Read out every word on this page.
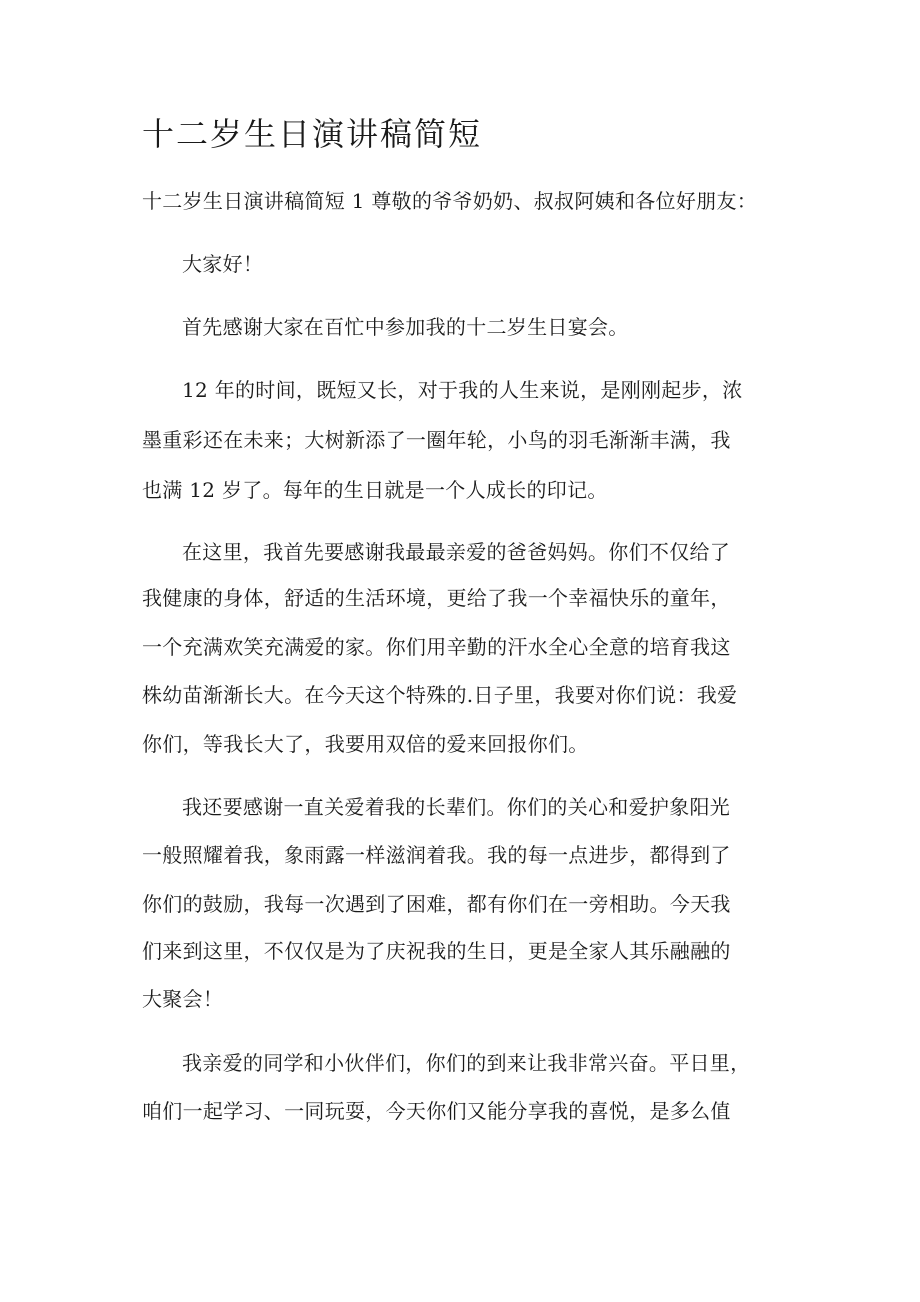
十二岁生日演讲稿简短

十二岁生日演讲稿简短 1 尊敬的爷爷奶奶、叔叔阿姨和各位好朋友：

大家好！

首先感谢大家在百忙中参加我的十二岁生日宴会。

12 年的时间，既短又长，对于我的人生来说，是刚刚起步，浓

墨重彩还在未来；大树新添了一圈年轮，小鸟的羽毛渐渐丰满，我

也满 12 岁了。每年的生日就是一个人成长的印记。

在这里，我首先要感谢我最最亲爱的爸爸妈妈。你们不仅给了

我健康的身体，舒适的生活环境，更给了我一个幸福快乐的童年，

一个充满欢笑充满爱的家。你们用辛勤的汗水全心全意的培育我这

株幼苗渐渐长大。在今天这个特殊的.日子里，我要对你们说：我爱

你们，等我长大了，我要用双倍的爱来回报你们。

我还要感谢一直关爱着我的长辈们。你们的关心和爱护象阳光

一般照耀着我，象雨露一样滋润着我。我的每一点进步，都得到了

你们的鼓励，我每一次遇到了困难，都有你们在一旁相助。今天我

们来到这里，不仅仅是为了庆祝我的生日，更是全家人其乐融融的

大聚会！

我亲爱的同学和小伙伴们，你们的到来让我非常兴奋。平日里，

咱们一起学习、一同玩耍，今天你们又能分享我的喜悦，是多么值
